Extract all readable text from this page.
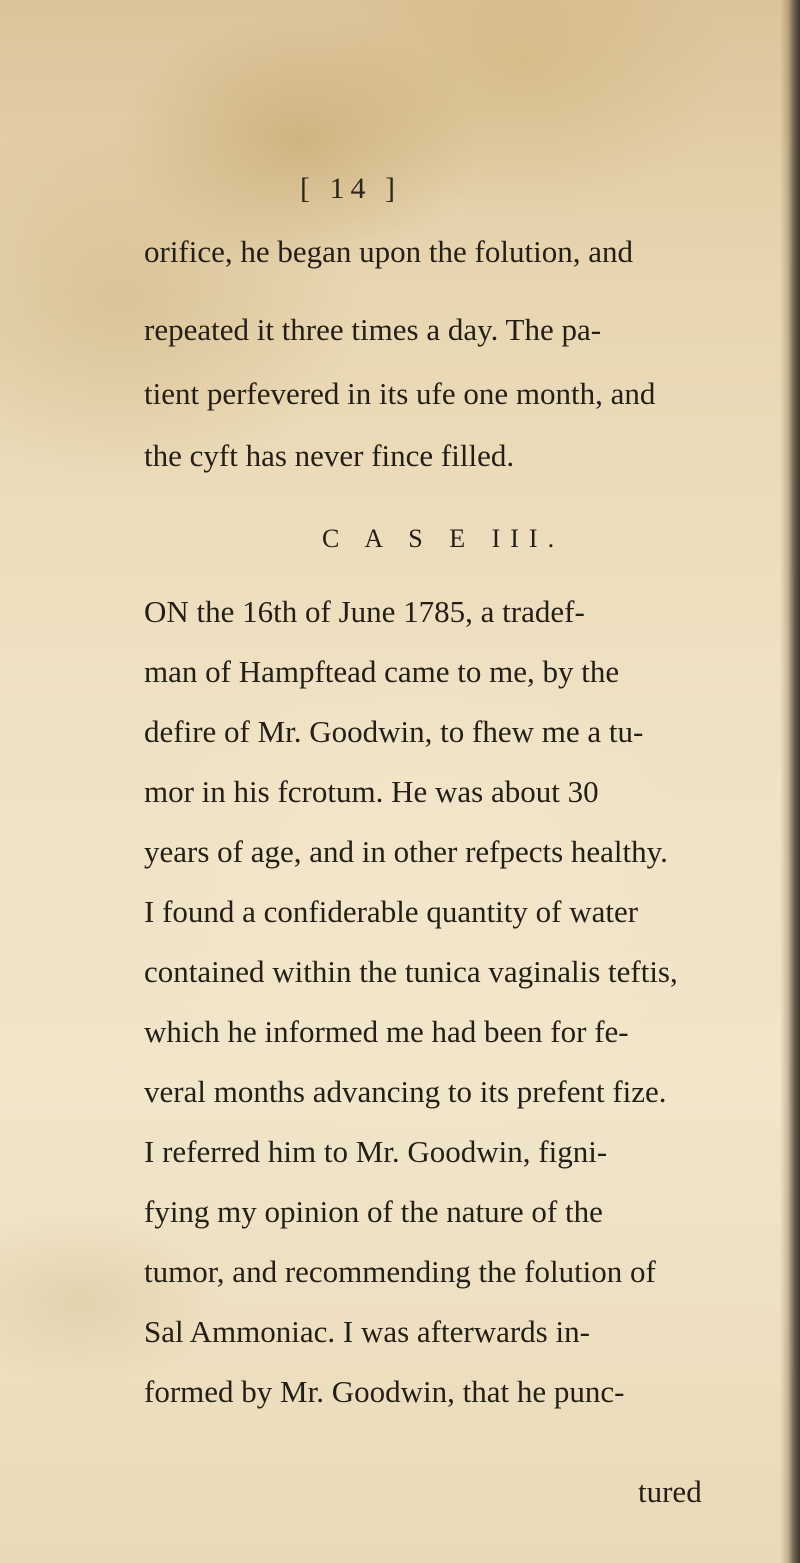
[ 14 ]
orifice, he began upon the folution, and
repeated it three times a day. The pa-
tient perfevered in its ufe one month, and
the cyft has never fince filled.
C A S E III.
ON the 16th of June 1785, a tradef-
man of Hampftead came to me, by the
defire of Mr. Goodwin, to fhew me a tu-
mor in his fcrotum. He was about 30
years of age, and in other refpects healthy.
I found a confiderable quantity of water
contained within the tunica vaginalis teftis,
which he informed me had been for fe-
veral months advancing to its prefent fize.
I referred him to Mr. Goodwin, figni-
fying my opinion of the nature of the
tumor, and recommending the folution of
Sal Ammoniac. I was afterwards in-
formed by Mr. Goodwin, that he punc-
tured
